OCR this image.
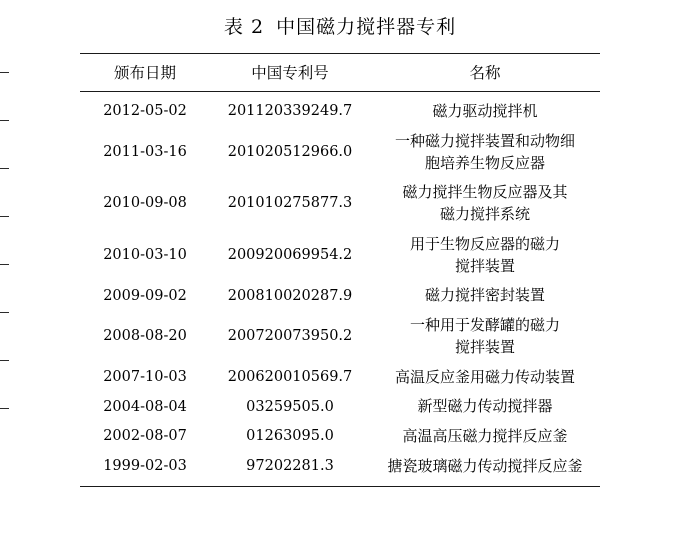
表 2 中国磁力搅拌器专利
颁布日期	中国专利号	名称
2012-05-02	201120339249.7	磁力驱动搅拌机

2011-03-16	201020512966.0	一种磁力搅拌装置和动物细
胞培养生物反应器

2010-09-08	201010275877.3	磁力搅拌生物反应器及其
磁力搅拌系统

2010-03-10	200920069954.2	用于生物反应器的磁力
搅拌装置

2009-09-02	200810020287.9	磁力搅拌密封装置

2008-08-20	200720073950.2	一种用于发酵罐的磁力
搅拌装置

2007-10-03	200620010569.7	高温反应釜用磁力传动装置

2004-08-04	03259505.0	新型磁力传动搅拌器

2002-08-07	01263095.0	高温高压磁力搅拌反应釜

1999-02-03	97202281.3	搪瓷玻璃磁力传动搅拌反应釜
